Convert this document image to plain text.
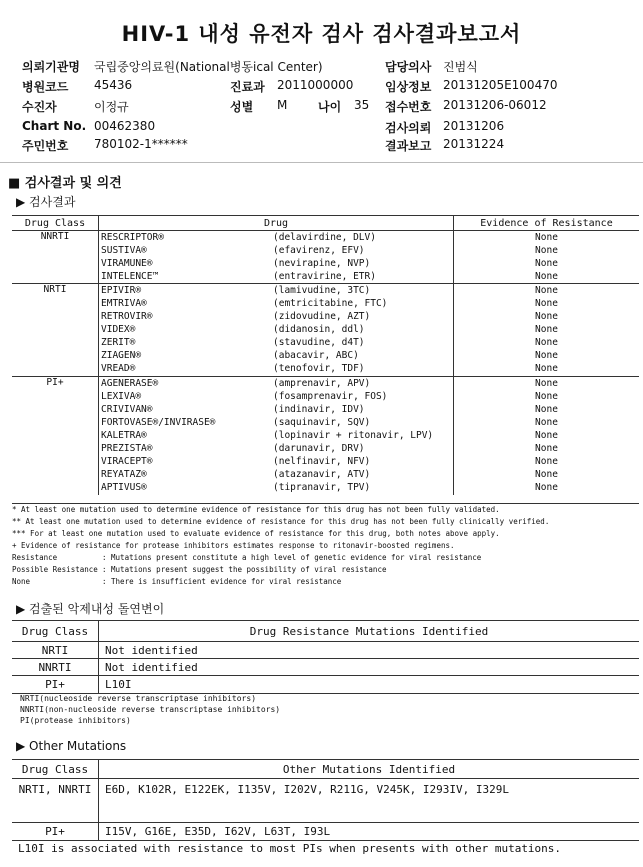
HIV-1 내성 유전자 검사 검사결과보고서
의뢰기관명 국립중앙의료원(National병동ical Center)	담당의사 진범식
병원코드 45436	진료과 2011000000	임상정보 20131205E100470
수진자	이정규	성별 M	나이 35 접수번호 20131206-06012
Chart No. 00462380	검사의뢰 20131206
주민번호 780102-1******	결과보고 20131224
■ 검사결과 및 의견
▶ 검사결과
Drug Class	Drug		Evidence of Resistance
NNRTI	RESCRIPTOR®	(delavirdine, DLV)	None
	SUSTIVA®	(efavirenz, EFV)	None
	VIRAMUNE®	(nevirapine, NVP)	None
	INTELENCE™	(entravirine, ETR)	None
NRTI	EPIVIR®	(lamivudine, 3TC)	None
	EMTRIVA®	(emtricitabine, FTC)	None
	RETROVIR®	(zidovudine, AZT)	None
	VIDEX®	(didanosin, ddl)	None
	ZERIT®	(stavudine, d4T)	None
	ZIAGEN®	(abacavir, ABC)	None
	VREAD®	(tenofovir, TDF)	None
PI+	AGENERASE®	(amprenavir, APV)	None
	LEXIVA®	(fosamprenavir, FOS)	None
	CRIVIVAN®	(indinavir, IDV)	None
	FORTOVASE®/INVIRASE®	(saquinavir, SQV)	None
	KALETRA®	(lopinavir + ritonavir, LPV)	None
	PREZISTA®	(darunavir, DRV)	None
	VIRACEPT®	(nelfinavir, NFV)	None
	REYATAZ®	(atazanavir, ATV)	None
	APTIVUS®	(tipranavir, TPV)	None
* At least one mutation used to determine evidence of resistance for this drug has not been fully validated.
** At least one mutation used to determine evidence of resistance for this drug has not been fully clinically verified.
*** For at least one mutation used to evaluate evidence of resistance for this drug, both notes above apply.
+ Evidence of resistance for protease inhibitors estimates response to ritonavir-boosted regimens.
Resistance	: Mutations present constitute a high level of genetic evidence for viral resistance
Possible Resistance : Mutations present suggest the possibility of viral resistance
None	: There is insufficient evidence for viral resistance
▶ 검출된 악제내성 돌연변이
Drug Class	Drug Resistance Mutations Identified
NRTI	Not identified
NNRTI	Not identified
PI+	L10I
NRTI(nucleoside reverse transcriptase inhibitors)
NNRTI(non-nucleoside reverse transcriptase inhibitors)
PI(protease inhibitors)
▶ Other Mutations
Drug Class	Other Mutations Identified
NRTI, NNRTI	E6D, K102R, E122EK, I135V, I202V, R211G, V245K, I293IV, I329L
PI+	I15V, G16E, E35D, I62V, L63T, I93L
L10I is associated with resistance to most PIs when presents with other mutations.
